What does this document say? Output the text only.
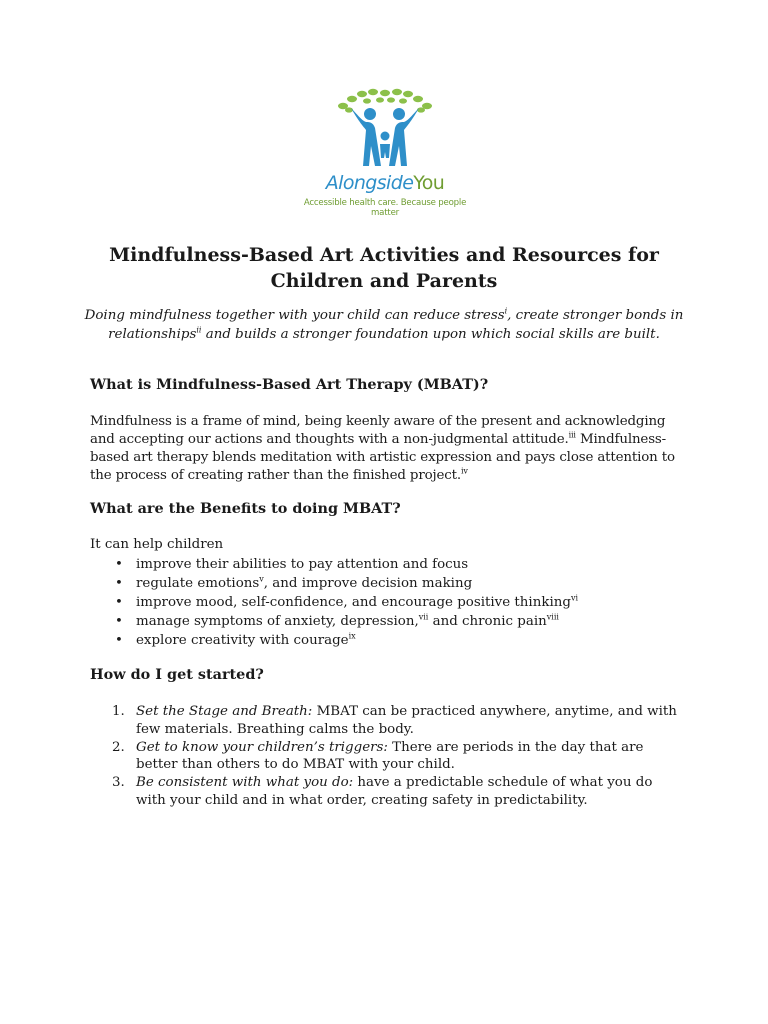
AlongsideYou
Accessible health care. Because people matter
Mindfulness-Based Art Activities and Resources for Children and Parents

Doing mindfulness together with your child can reduce stress$^i$, create stronger bonds in relationships$^{ii}$ and builds a stronger foundation upon which social skills are built.

What is Mindfulness-Based Art Therapy (MBAT)?

Mindfulness is a frame of mind, being keenly aware of the present and acknowledging and accepting our actions and thoughts with a non-judgmental attitude.$^{iii}$ Mindfulness-based art therapy blends meditation with artistic expression and pays close attention to the process of creating rather than the finished project.$^{iv}$

What are the Benefits to doing MBAT?

It can help children

• improve their abilities to pay attention and focus
• regulate emotions$^v$, and improve decision making
• improve mood, self-confidence, and encourage positive thinking$^{vi}$
• manage symptoms of anxiety, depression,$^{vii}$ and chronic pain$^{viii}$
• explore creativity with courage$^{ix}$
How do I get started?
1. Set the Stage and Breath: MBAT can be practiced anywhere, anytime, and with few materials. Breathing calms the body.
2. Get to know your children’s triggers: There are periods in the day that are better than others to do MBAT with your child.
3. Be consistent with what you do: have a predictable schedule of what you do with your child and in what order, creating safety in predictability.
